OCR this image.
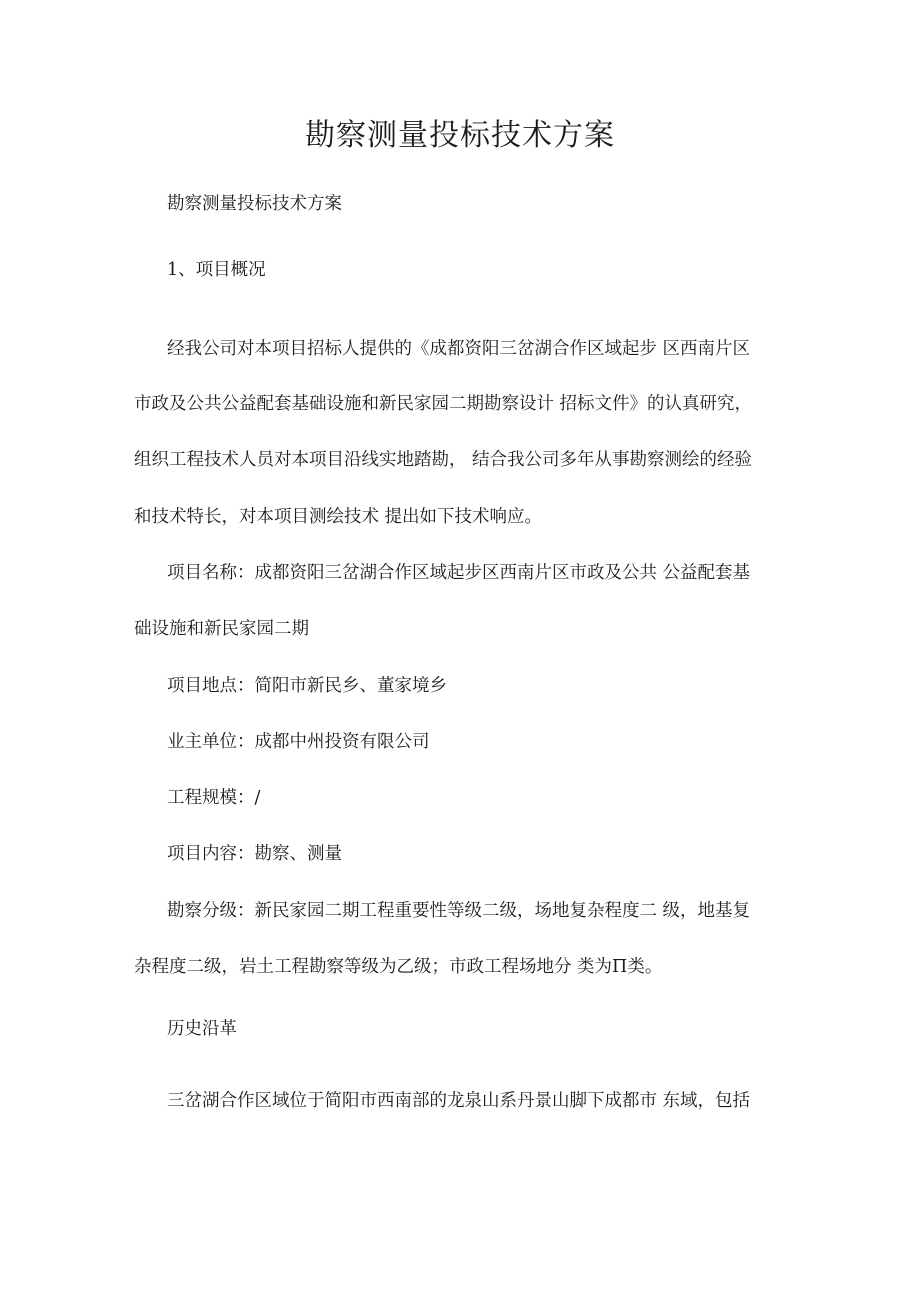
勘察测量投标技术方案

勘察测量投标技术方案

1、项目概况

经我公司对本项目招标人提供的《成都资阳三岔湖合作区域起步 区西南片区

市政及公共公益配套基础设施和新民家园二期勘察设计 招标文件》的认真研究，

组织工程技术人员对本项目沿线实地踏勘， 结合我公司多年从事勘察测绘的经验

和技术特长，对本项目测绘技术 提出如下技术响应。

项目名称：成都资阳三岔湖合作区域起步区西南片区市政及公共 公益配套基

础设施和新民家园二期

项目地点：简阳市新民乡、董家境乡

业主单位：成都中州投资有限公司

工程规模：/

项目内容：勘察、测量

勘察分级：新民家园二期工程重要性等级二级，场地复杂程度二 级，地基复

杂程度二级，岩土工程勘察等级为乙级；市政工程场地分 类为П类。

历史沿革

三岔湖合作区域位于简阳市西南部的龙泉山系丹景山脚下成都市 东域，包括
